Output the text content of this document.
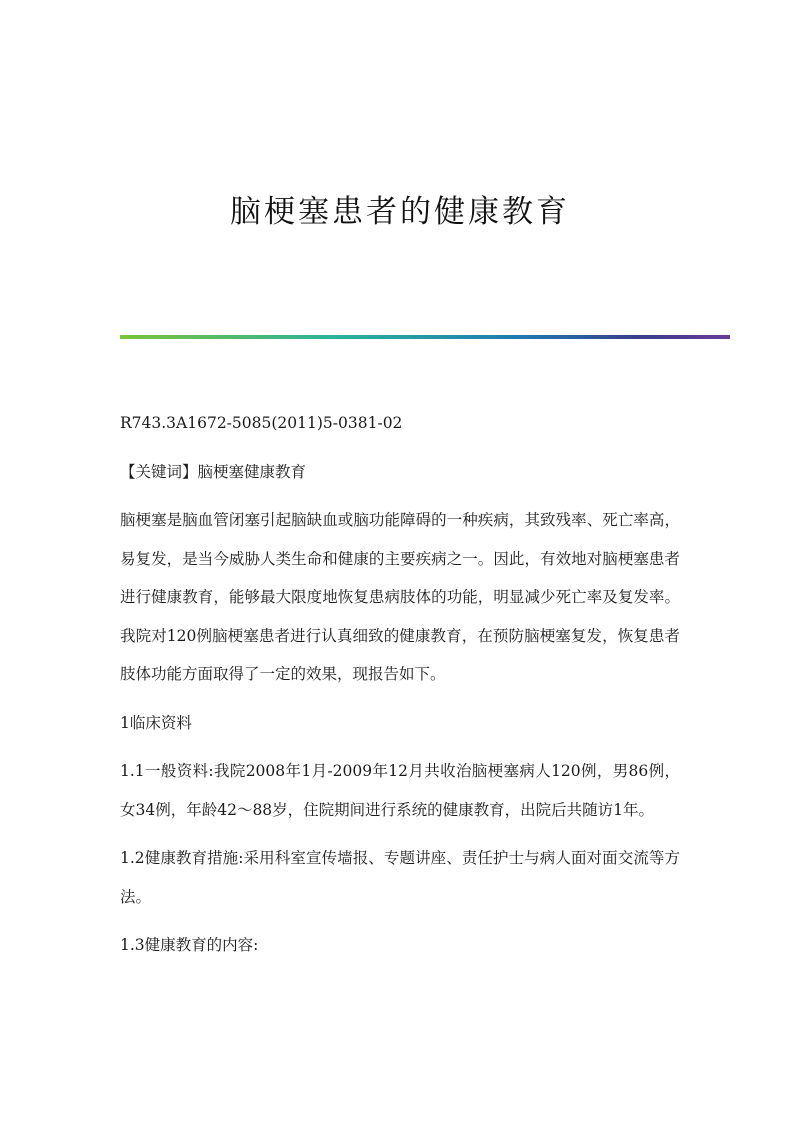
脑梗塞患者的健康教育

R743.3A1672-5085(2011)5-0381-02

【关键词】脑梗塞健康教育

脑梗塞是脑血管闭塞引起脑缺血或脑功能障碍的一种疾病，其致残率、死亡率高，易复发，是当今威胁人类生命和健康的主要疾病之一。因此，有效地对脑梗塞患者进行健康教育，能够最大限度地恢复患病肢体的功能，明显减少死亡率及复发率。我院对120例脑梗塞患者进行认真细致的健康教育，在预防脑梗塞复发，恢复患者肢体功能方面取得了一定的效果，现报告如下。

1临床资料

1.1一般资料:我院2008年1月-2009年12月共收治脑梗塞病人120例，男86例，女34例，年龄42～88岁，住院期间进行系统的健康教育，出院后共随访1年。

1.2健康教育措施:采用科室宣传墙报、专题讲座、责任护士与病人面对面交流等方法。

1.3健康教育的内容:
